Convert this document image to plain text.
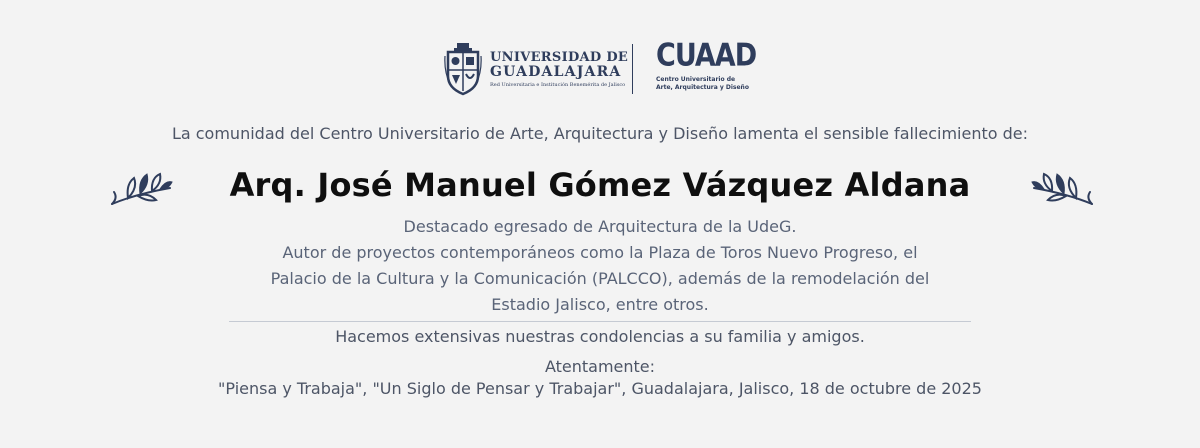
UNIVERSIDAD DE
GUADALAJARA
Red Universitaria e Institución Benemérita de Jalisco
CUAAD
Centro Universitario de
Arte, Arquitectura y Diseño
La comunidad del Centro Universitario de Arte, Arquitectura y Diseño lamenta el sensible fallecimiento de:
Arq. José Manuel Gómez Vázquez Aldana
Destacado egresado de Arquitectura de la UdeG.
Autor de proyectos contemporáneos como la Plaza de Toros Nuevo Progreso, el
Palacio de la Cultura y la Comunicación (PALCCO), además de la remodelación del
Estadio Jalisco, entre otros.
Hacemos extensivas nuestras condolencias a su familia y amigos.
Atentamente:
"Piensa y Trabaja", "Un Siglo de Pensar y Trabajar", Guadalajara, Jalisco, 18 de octubre de 2025
